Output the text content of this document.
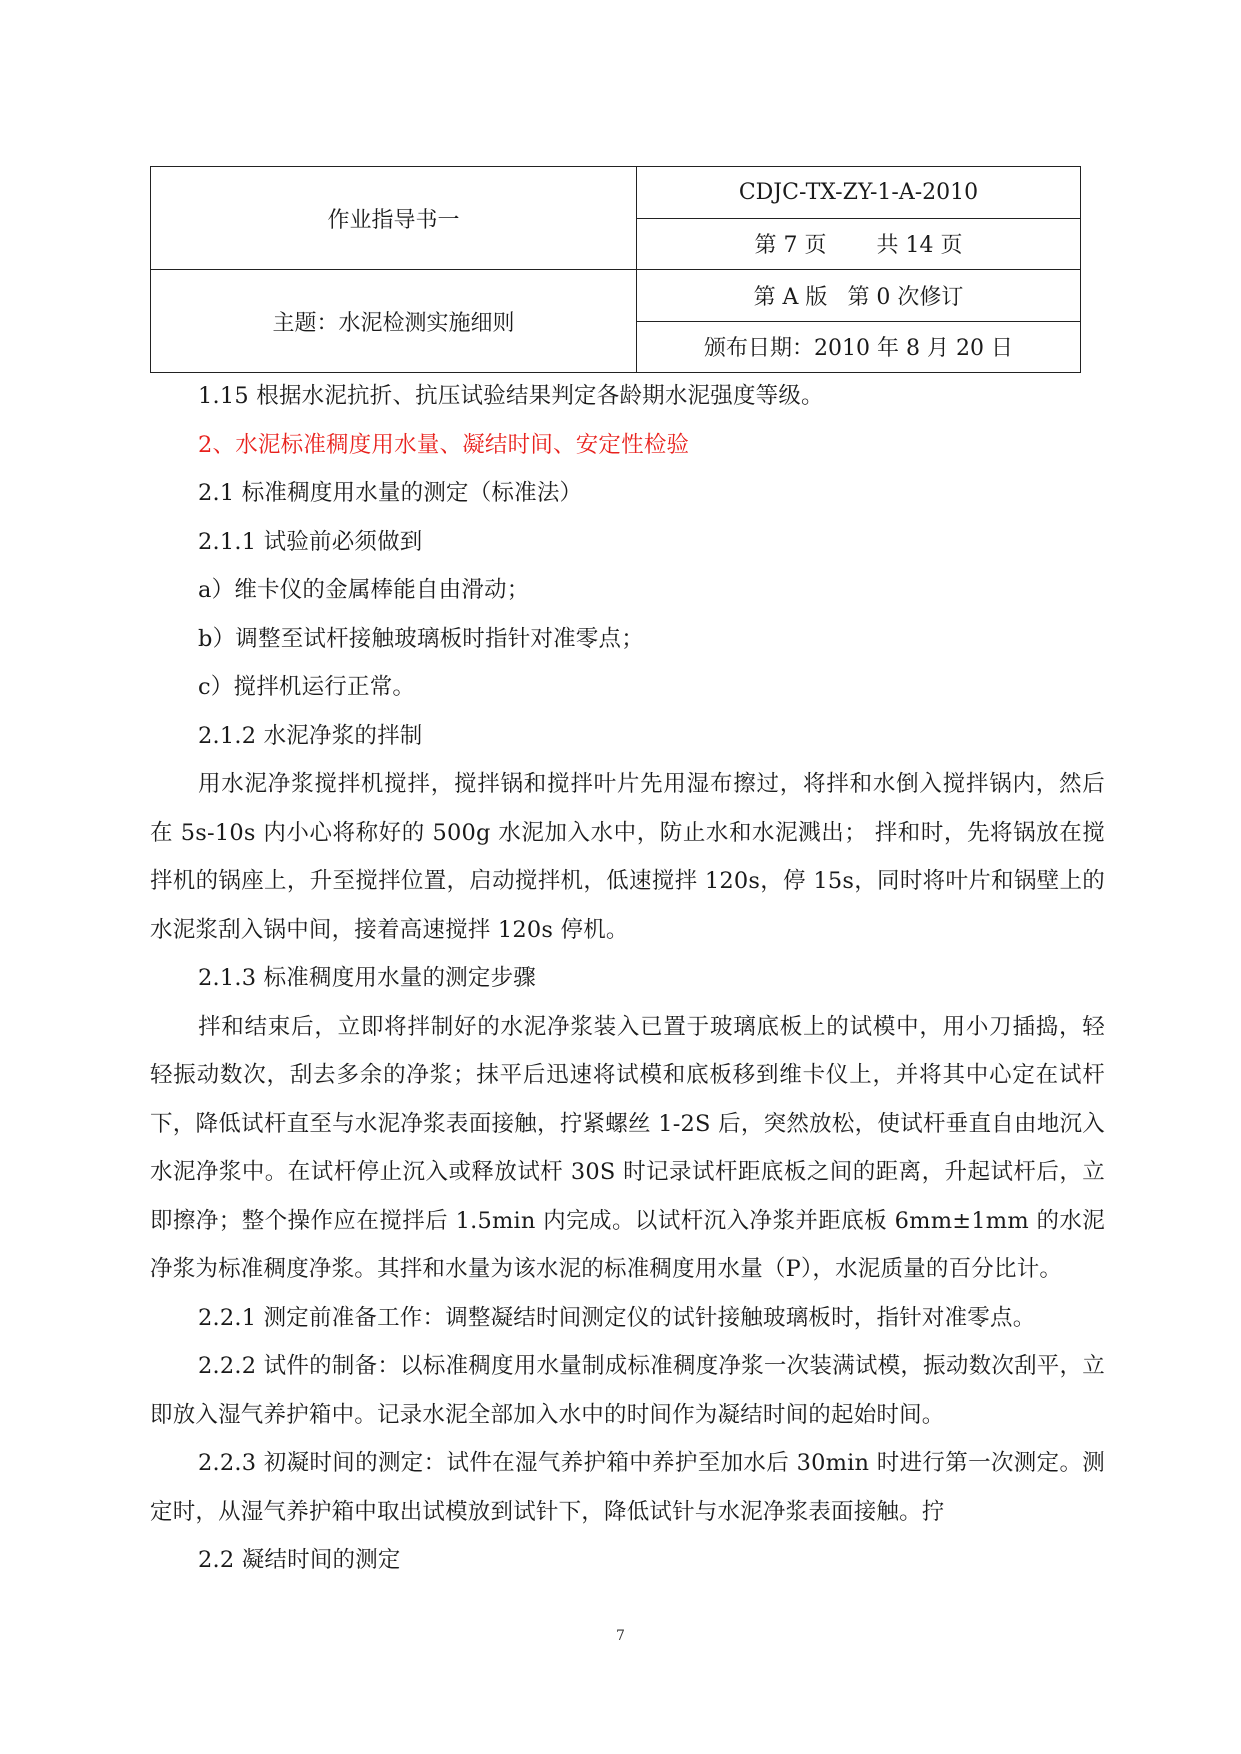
作业指导书一	CDJC-TX-ZY-1-A-2010
	第 7 页 共 14 页
主题：水泥检测实施细则	第 A 版 第 0 次修订
	颁布日期：2010 年 8 月 20 日

1.15 根据水泥抗折、抗压试验结果判定各龄期水泥强度等级。

2、水泥标准稠度用水量、凝结时间、安定性检验

2.1 标准稠度用水量的测定（标准法）

2.1.1 试验前必须做到

a）维卡仪的金属棒能自由滑动；

b）调整至试杆接触玻璃板时指针对准零点；

c）搅拌机运行正常。

2.1.2 水泥净浆的拌制

用水泥净浆搅拌机搅拌，搅拌锅和搅拌叶片先用湿布擦过，将拌和水倒入搅拌锅内，然后在 5s-10s 内小心将称好的 500g 水泥加入水中，防止水和水泥溅出； 拌和时，先将锅放在搅拌机的锅座上，升至搅拌位置，启动搅拌机，低速搅拌 120s，停 15s，同时将叶片和锅壁上的水泥浆刮入锅中间，接着高速搅拌 120s 停机。

2.1.3 标准稠度用水量的测定步骤

拌和结束后，立即将拌制好的水泥净浆装入已置于玻璃底板上的试模中，用小刀插捣，轻轻振动数次，刮去多余的净浆；抹平后迅速将试模和底板移到维卡仪上，并将其中心定在试杆下，降低试杆直至与水泥净浆表面接触，拧紧螺丝 1-2S 后，突然放松，使试杆垂直自由地沉入水泥净浆中。在试杆停止沉入或释放试杆 30S 时记录试杆距底板之间的距离，升起试杆后，立即擦净；整个操作应在搅拌后 1.5min 内完成。以试杆沉入净浆并距底板 6mm±1mm 的水泥净浆为标准稠度净浆。其拌和水量为该水泥的标准稠度用水量（P），水泥质量的百分比计。

2.2.1 测定前准备工作：调整凝结时间测定仪的试针接触玻璃板时，指针对准零点。

2.2.2 试件的制备：以标准稠度用水量制成标准稠度净浆一次装满试模，振动数次刮平，立即放入湿气养护箱中。记录水泥全部加入水中的时间作为凝结时间的起始时间。

2.2.3 初凝时间的测定：试件在湿气养护箱中养护至加水后 30min 时进行第一次测定。测定时，从湿气养护箱中取出试模放到试针下，降低试针与水泥净浆表面接触。拧

2.2 凝结时间的测定

7
